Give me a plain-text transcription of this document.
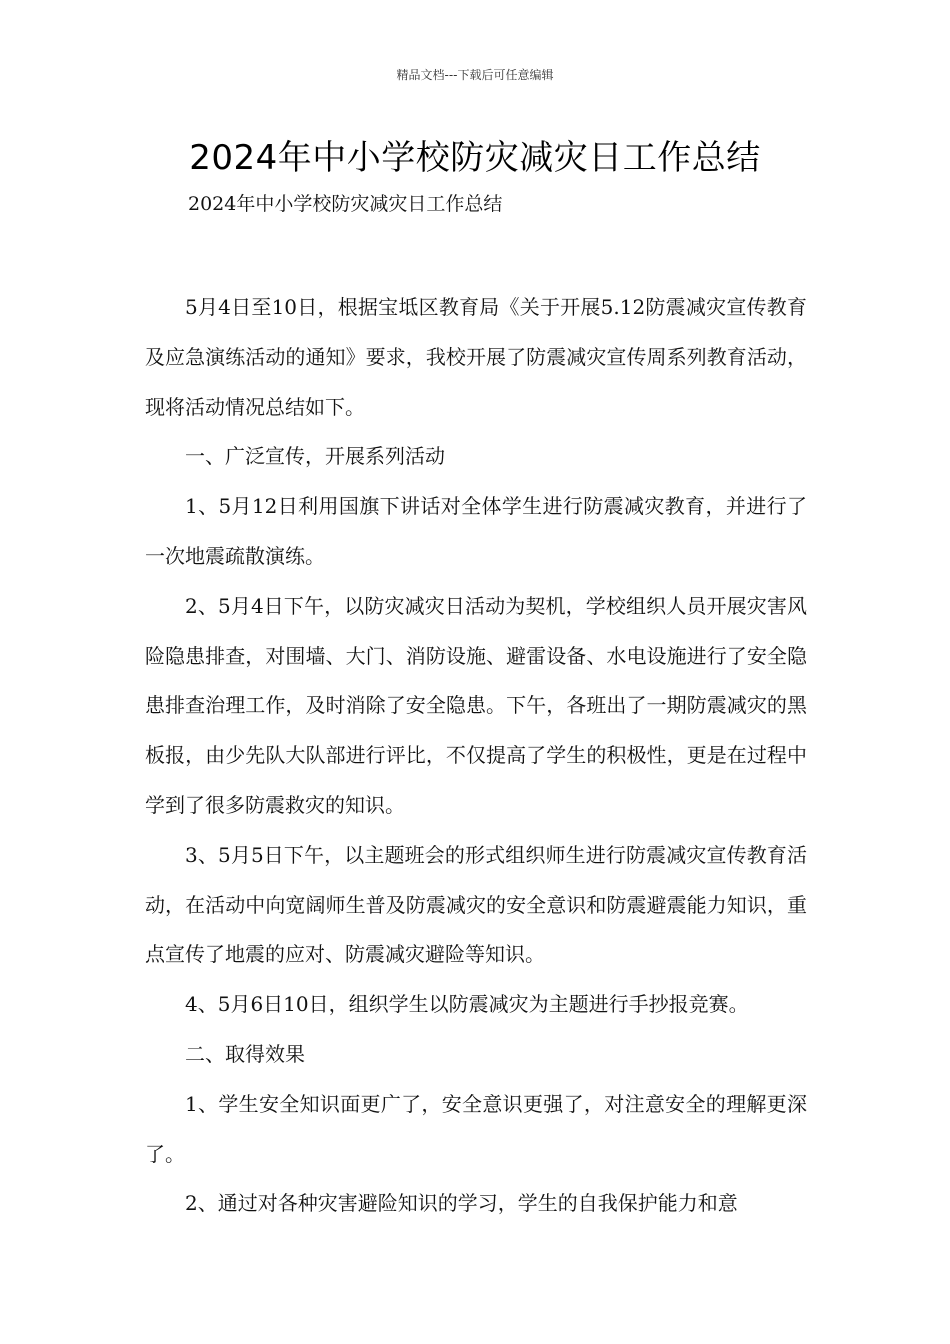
精品文档---下载后可任意编辑
2024年中小学校防灾减灾日工作总结
2024年中小学校防灾减灾日工作总结

5月4日至10日，根据宝坻区教育局《关于开展5.12防震减灾宣传教育及应急演练活动的通知》要求，我校开展了防震减灾宣传周系列教育活动，现将活动情况总结如下。

一、广泛宣传，开展系列活动

1、5月12日利用国旗下讲话对全体学生进行防震减灾教育，并进行了一次地震疏散演练。

2、5月4日下午，以防灾减灾日活动为契机，学校组织人员开展灾害风险隐患排查，对围墙、大门、消防设施、避雷设备、水电设施进行了安全隐患排查治理工作，及时消除了安全隐患。下午，各班出了一期防震减灾的黑板报，由少先队大队部进行评比，不仅提高了学生的积极性，更是在过程中学到了很多防震救灾的知识。

3、5月5日下午，以主题班会的形式组织师生进行防震减灾宣传教育活动，在活动中向宽阔师生普及防震减灾的安全意识和防震避震能力知识，重点宣传了地震的应对、防震减灾避险等知识。

4、5月6日10日，组织学生以防震减灾为主题进行手抄报竞赛。

二、取得效果

1、学生安全知识面更广了，安全意识更强了，对注意安全的理解更深了。

2、通过对各种灾害避险知识的学习，学生的自我保护能力和意
